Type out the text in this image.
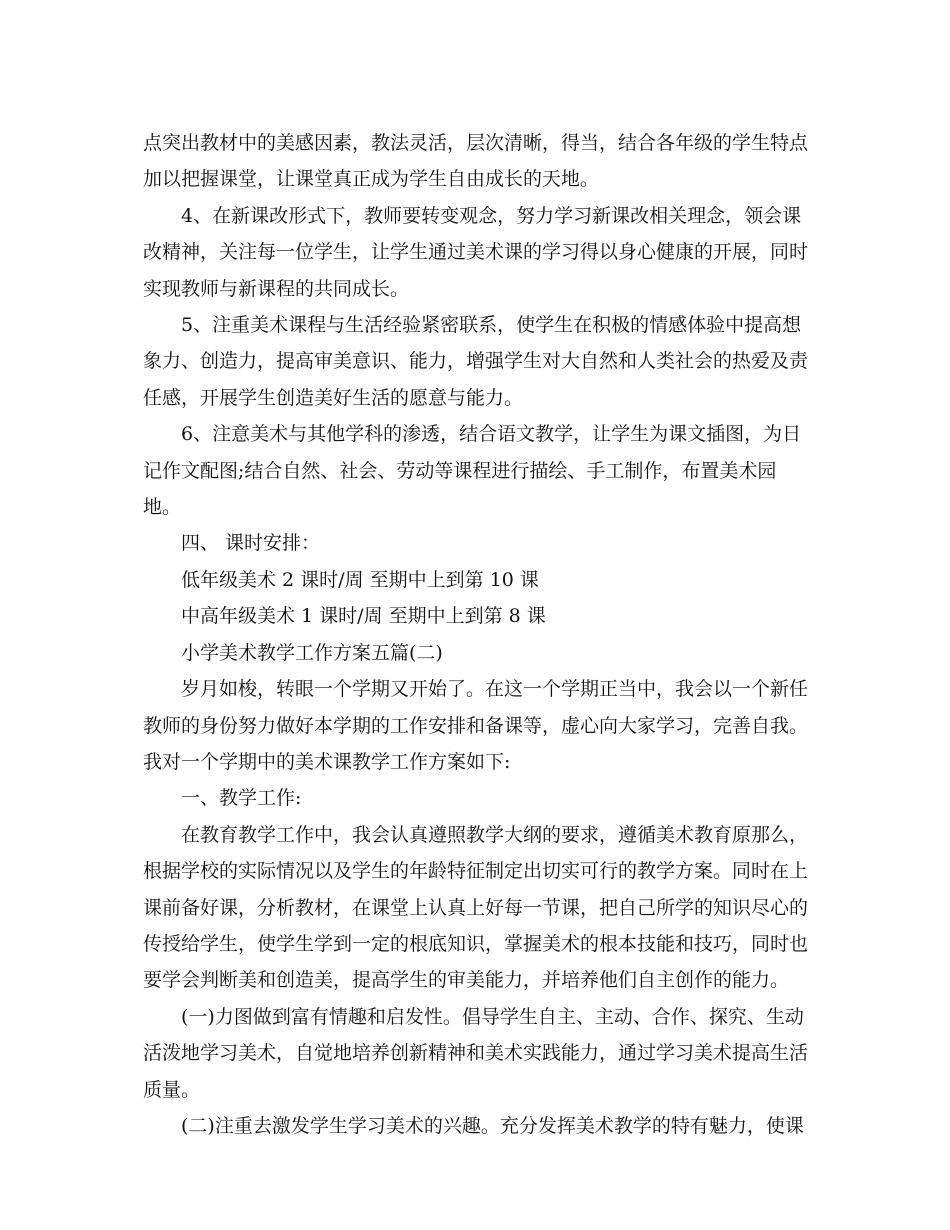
点突出教材中的美感因素，教法灵活，层次清晰，得当，结合各年级的学生特点加以把握课堂，让课堂真正成为学生自由成长的天地。

4、在新课改形式下，教师要转变观念，努力学习新课改相关理念，领会课改精神，关注每一位学生，让学生通过美术课的学习得以身心健康的开展，同时实现教师与新课程的共同成长。

5、注重美术课程与生活经验紧密联系，使学生在积极的情感体验中提高想象力、创造力，提高审美意识、能力，增强学生对大自然和人类社会的热爱及责任感，开展学生创造美好生活的愿意与能力。

6、注意美术与其他学科的渗透，结合语文教学，让学生为课文插图，为日记作文配图;结合自然、社会、劳动等课程进行描绘、手工制作，布置美术园地。

四、 课时安排：

低年级美术 2 课时/周 至期中上到第 10 课

中高年级美术 1 课时/周 至期中上到第 8 课

小学美术教学工作方案五篇(二)

岁月如梭，转眼一个学期又开始了。在这一个学期正当中，我会以一个新任教师的身份努力做好本学期的工作安排和备课等，虚心向大家学习，完善自我。我对一个学期中的美术课教学工作方案如下:

一、教学工作:

在教育教学工作中，我会认真遵照教学大纲的要求，遵循美术教育原那么，根据学校的实际情况以及学生的年龄特征制定出切实可行的教学方案。同时在上课前备好课，分析教材，在课堂上认真上好每一节课，把自己所学的知识尽心的传授给学生，使学生学到一定的根底知识，掌握美术的根本技能和技巧，同时也要学会判断美和创造美，提高学生的审美能力，并培养他们自主创作的能力。

(一)力图做到富有情趣和启发性。倡导学生自主、主动、合作、探究、生动活泼地学习美术，自觉地培养创新精神和美术实践能力，通过学习美术提高生活质量。

(二)注重去激发学生学习美术的兴趣。充分发挥美术教学的特有魅力，使课
